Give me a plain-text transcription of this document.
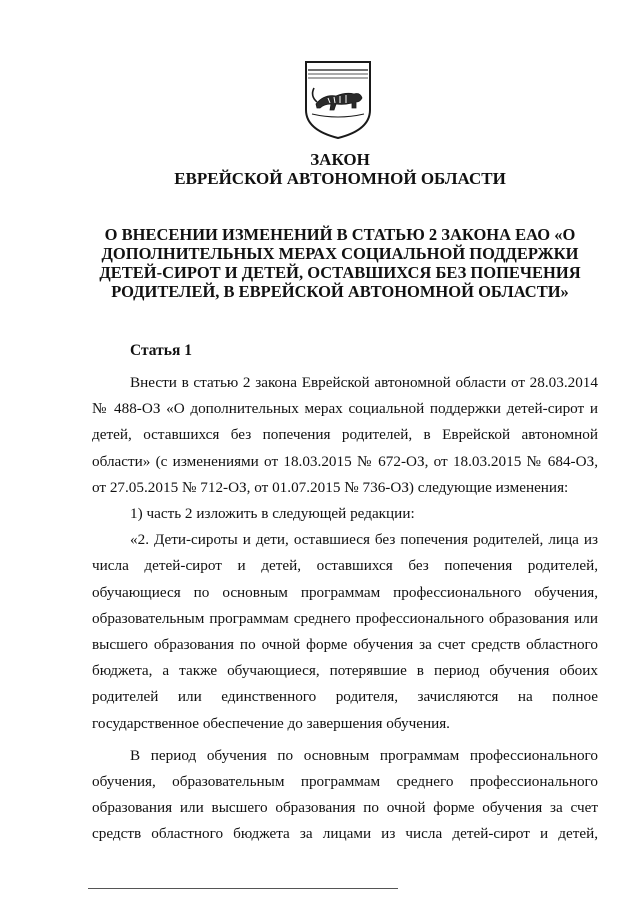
ЗАКОН
ЕВРЕЙСКОЙ АВТОНОМНОЙ ОБЛАСТИ
О ВНЕСЕНИИ ИЗМЕНЕНИЙ В СТАТЬЮ 2 ЗАКОНА ЕАО «О ДОПОЛНИТЕЛЬНЫХ МЕРАХ СОЦИАЛЬНОЙ ПОДДЕРЖКИ ДЕТЕЙ-СИРОТ И ДЕТЕЙ, ОСТАВШИХСЯ БЕЗ ПОПЕЧЕНИЯ РОДИТЕЛЕЙ, В ЕВРЕЙСКОЙ АВТОНОМНОЙ ОБЛАСТИ»
Статья 1

Внести в статью 2 закона Еврейской автономной области от 28.03.2014 № 488-ОЗ «О дополнительных мерах социальной поддержки детей-сирот и детей, оставшихся без попечения родителей, в Еврейской автономной области» (с изменениями от 18.03.2015 № 672-ОЗ, от 18.03.2015 № 684-ОЗ, от 27.05.2015 № 712-ОЗ, от 01.07.2015 № 736-ОЗ) следующие изменения:

1) часть 2 изложить в следующей редакции:

«2. Дети-сироты и дети, оставшиеся без попечения родителей, лица из числа детей-сирот и детей, оставшихся без попечения родителей, обучающиеся по основным программам профессионального обучения, образовательным программам среднего профессионального образования или высшего образования по очной форме обучения за счет средств областного бюджета, а также обучающиеся, потерявшие в период обучения обоих родителей или единственного родителя, зачисляются на полное государственное обеспечение до завершения обучения.

В период обучения по основным программам профессионального обучения, образовательным программам среднего профессионального образования или высшего образования по очной форме обучения за счет средств областного бюджета за лицами из числа детей-сирот и детей,
